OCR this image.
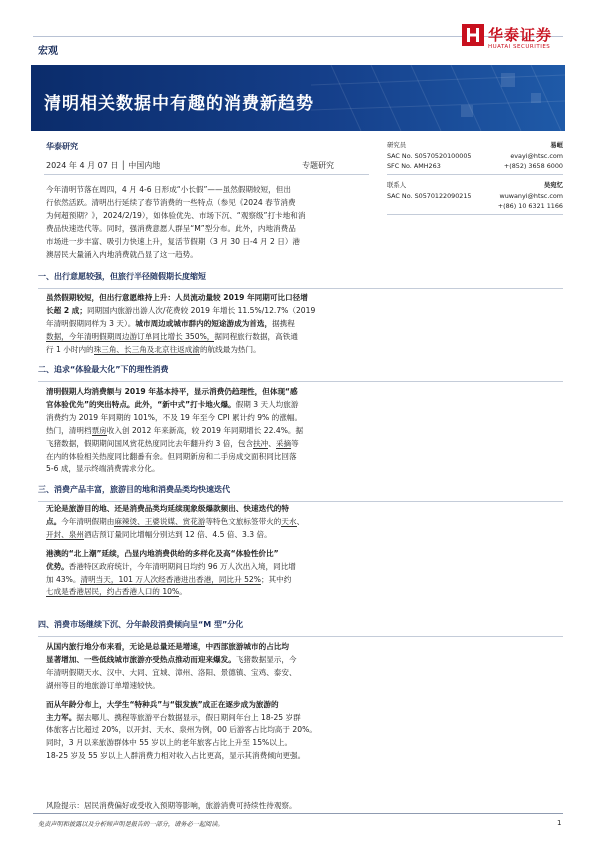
宏观
华泰证券
HUATAI SECURITIES
清明相关数据中有趣的消费新趋势
华泰研究
2024 年 4 月 07 日 │ 中国内地	专题研究
研究员	易峘
SAC No. S0570520100005	evayi@htsc.com
SFC No. AMH263	+(852) 3658 6000
联系人	吴宛忆
SAC No. S0570122090215	wuwanyi@htsc.com
+(86) 10 6321 1166
今年清明节落在周四，4 月 4-6 日形成“小长假”——虽然假期较短，但出
行依然活跃。清明出行延续了春节消费的一些特点（参见《2024 春节消费
为何超预期？》，2024/2/19），如体验优先、市场下沉、“观察级”打卡地和消
费品快速迭代等。同时，强消费意愿人群呈“M”型分布。此外，内地消费品
市场进一步丰富、吸引力快速上升，复活节假期（3 月 30 日-4 月 2 日）港
澳居民大量涌入内地消费就凸显了这一趋势。
一、出行意愿较强，但旅行半径随假期长度缩短
虽然假期较短，但出行意愿维持上升：人员流动量较 2019 年同期可比口径增
长超 2 成；同期国内旅游出游人次/花费较 2019 年增长 11.5%/12.7%（2019
年清明假期同样为 3 天）。城市周边或城市群内的短途游成为首选，据携程
数据，今年清明假期周边游订单同比增长 350%，据同程旅行数据，高铁通
行 1 小时内的珠三角、长三角及北京往返成渝的航线最为热门。
二、追求“体验最大化”下的理性消费
清明假期人均消费额与 2019 年基本持平，显示消费仍趋理性，但体现“感
官体验优先”的突出特点。此外，“新中式”打卡地火爆。假期 3 天人均旅游
消费约为 2019 年同期的 101%，不及 19 年至今 CPI 累计约 9% 的涨幅。
热门，清明档票房收入创 2012 年来新高，较 2019 年同期增长 22.4%。据
飞猪数据，假期期间国风赏花热度同比去年翻升约 3 倍，包含扶冲、采摘等
在内的体验相关热度同比翻番有余。但同期新房和二手房成交面积同比回落
5-6 成，显示终端消费需求分化。
三、消费产品丰富，旅游目的地和消费品类均快速迭代
无论是旅游目的地、还是消费品类均延续现象级爆款频出、快速迭代的特
点。今年清明假期由麻辣烫、王婆说媒、赏花游等特色文旅标签带火的天水、
开封、泉州酒店预订量同比增幅分别达到 12 倍、4.5 倍、3.3 倍。
港澳的“北上潮”延续，凸显内地消费供给的多样化及高“体验性价比”
优势。香港特区政府统计，今年清明期间日均约 96 万人次出入境，同比增
加 43%。清明当天，101 万人次经香港进出香港，同比升 52%；其中约
七成是香港居民，约占香港人口的 10%。
四、消费市场继续下沉、分年龄段消费倾向呈“M 型”分化
从国内旅行地分布来看，无论是总量还是增速，中西部旅游城市的占比均
显著增加、一些低线城市旅游亦受热点推动而迎来爆发。飞猪数据显示，今
年清明假期天水、汉中、大同、宜城、漳州、洛阳、景德镇、宝鸡、泰安、
湖州等目的地旅游订单增速较快。
而从年龄分布上，大学生“特种兵”与“银发族”成正在逐步成为旅游的
主力军。据去哪儿、携程等旅游平台数据显示，假日期间年台上 18-25 岁群
体旅客占比超过 20%，以开封、天水、泉州为例，00 后游客占比均高于 20%。
同时，3 月以来旅游群体中 55 岁以上的老年旅客占比上升至 15%以上。
18-25 岁及 55 岁以上人群消费力相对收入占比更高，显示其消费倾向更强。
风险提示：居民消费偏好或受收入预期等影响，旅游消费可持续性待观察。
免责声明和披露以及分析师声明是报告的一部分，请务必一起阅读。	1
